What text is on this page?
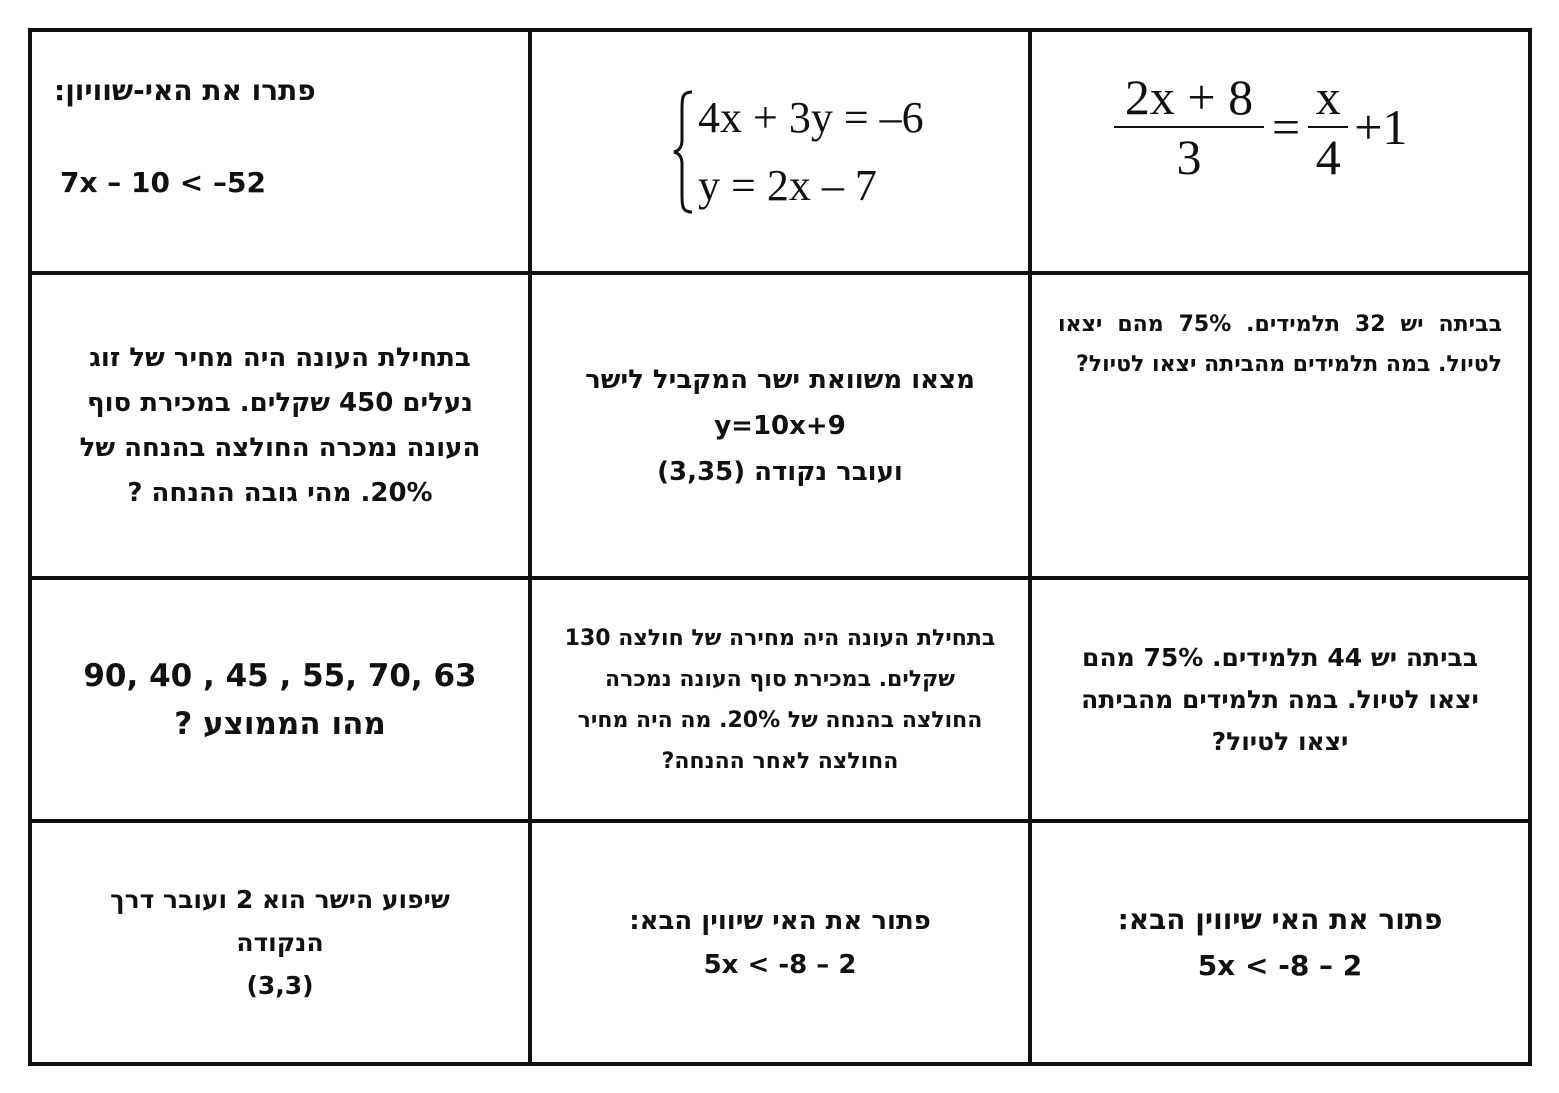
פתרו את האי-שוויון:
7x – 10 < –52
4x + 3y = –6
y = 2x – 7
$\frac{2x + 8}{3} = \frac{x}{4} +1$
בתחילת העונה היה מחיר של זוג נעלים 450 שקלים. במכירת סוף העונה נמכרה החולצה בהנחה של 20%. מהי גובה ההנחה ?
מצאו משוואת ישר המקביל לישר
y=10x+9
ועובר נקודה (3,35)
בביתה יש 32 תלמידים. 75% מהם יצאו לטיול. במה תלמידים מהביתה יצאו לטיול?
90, 40 , 45 , 55, 70, 63
מהו הממוצע ?
בתחילת העונה היה מחירה של חולצה 130 שקלים. במכירת סוף העונה נמכרה החולצה בהנחה של 20%. מה היה מחיר החולצה לאחר ההנחה?
בביתה יש 44 תלמידים. 75% מהם יצאו לטיול. במה תלמידים מהביתה יצאו לטיול?
שיפוע הישר הוא 2 ועובר דרך הנקודה
(3,3)
פתור את האי שיווין הבא:
5x < -8 – 2
פתור את האי שיווין הבא:
5x < -8 – 2
